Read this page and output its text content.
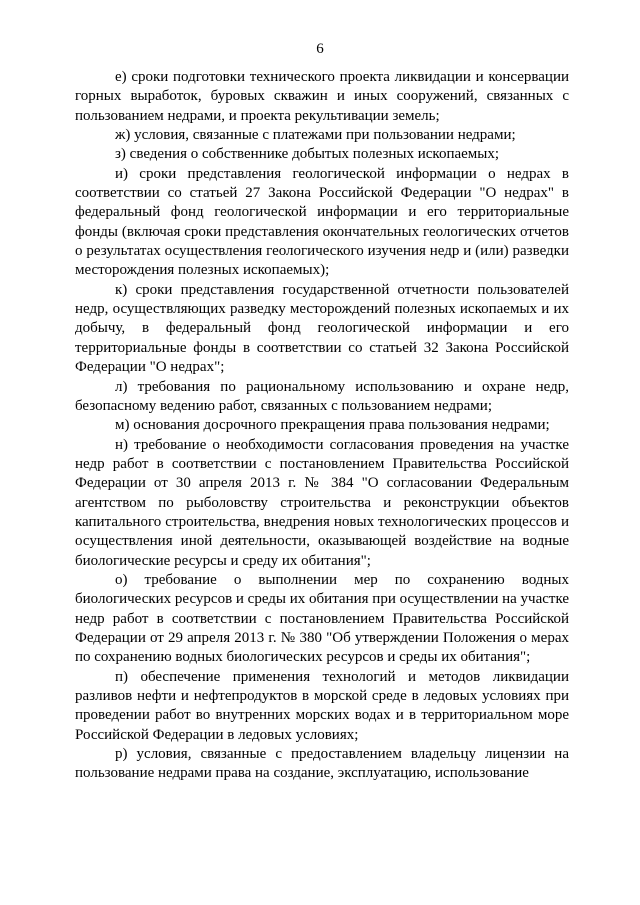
6

е) сроки подготовки технического проекта ликвидации и консервации горных выработок, буровых скважин и иных сооружений, связанных с пользованием недрами, и проекта рекультивации земель;

ж) условия, связанные с платежами при пользовании недрами;

з) сведения о собственнике добытых полезных ископаемых;

и) сроки представления геологической информации о недрах в соответствии со статьей 27 Закона Российской Федерации "О недрах" в федеральный фонд геологической информации и его территориальные фонды (включая сроки представления окончательных геологических отчетов о результатах осуществления геологического изучения недр и (или) разведки месторождения полезных ископаемых);

к) сроки представления государственной отчетности пользователей недр, осуществляющих разведку месторождений полезных ископаемых и их добычу, в федеральный фонд геологической информации и его территориальные фонды в соответствии со статьей 32 Закона Российской Федерации "О недрах";

л) требования по рациональному использованию и охране недр, безопасному ведению работ, связанных с пользованием недрами;

м) основания досрочного прекращения права пользования недрами;

н) требование о необходимости согласования проведения на участке недр работ в соответствии с постановлением Правительства Российской Федерации от 30 апреля 2013 г. № 384 "О согласовании Федеральным агентством по рыболовству строительства и реконструкции объектов капитального строительства, внедрения новых технологических процессов и осуществления иной деятельности, оказывающей воздействие на водные биологические ресурсы и среду их обитания";

о) требование о выполнении мер по сохранению водных биологических ресурсов и среды их обитания при осуществлении на участке недр работ в соответствии с постановлением Правительства Российской Федерации от 29 апреля 2013 г. № 380 "Об утверждении Положения о мерах по сохранению водных биологических ресурсов и среды их обитания";

п) обеспечение применения технологий и методов ликвидации разливов нефти и нефтепродуктов в морской среде в ледовых условиях при проведении работ во внутренних морских водах и в территориальном море Российской Федерации в ледовых условиях;

р) условия, связанные с предоставлением владельцу лицензии на пользование недрами права на создание, эксплуатацию, использование
